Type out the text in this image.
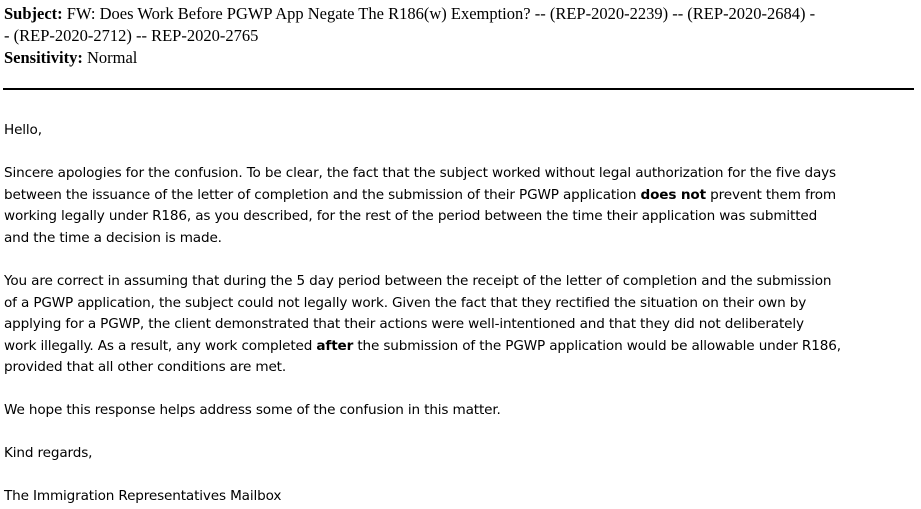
Subject: FW: Does Work Before PGWP App Negate The R186(w) Exemption? -- (REP-2020-2239) -- (REP-2020-2684) -

- (REP-2020-2712) -- REP-2020-2765

Sensitivity: Normal

Hello,

Sincere apologies for the confusion. To be clear, the fact that the subject worked without legal authorization for the five days
between the issuance of the letter of completion and the submission of their PGWP application does not prevent them from
working legally under R186, as you described, for the rest of the period between the time their application was submitted
and the time a decision is made.

You are correct in assuming that during the 5 day period between the receipt of the letter of completion and the submission
of a PGWP application, the subject could not legally work. Given the fact that they rectified the situation on their own by
applying for a PGWP, the client demonstrated that their actions were well-intentioned and that they did not deliberately
work illegally. As a result, any work completed after the submission of the PGWP application would be allowable under R186,
provided that all other conditions are met.

We hope this response helps address some of the confusion in this matter.

Kind regards,

The Immigration Representatives Mailbox
